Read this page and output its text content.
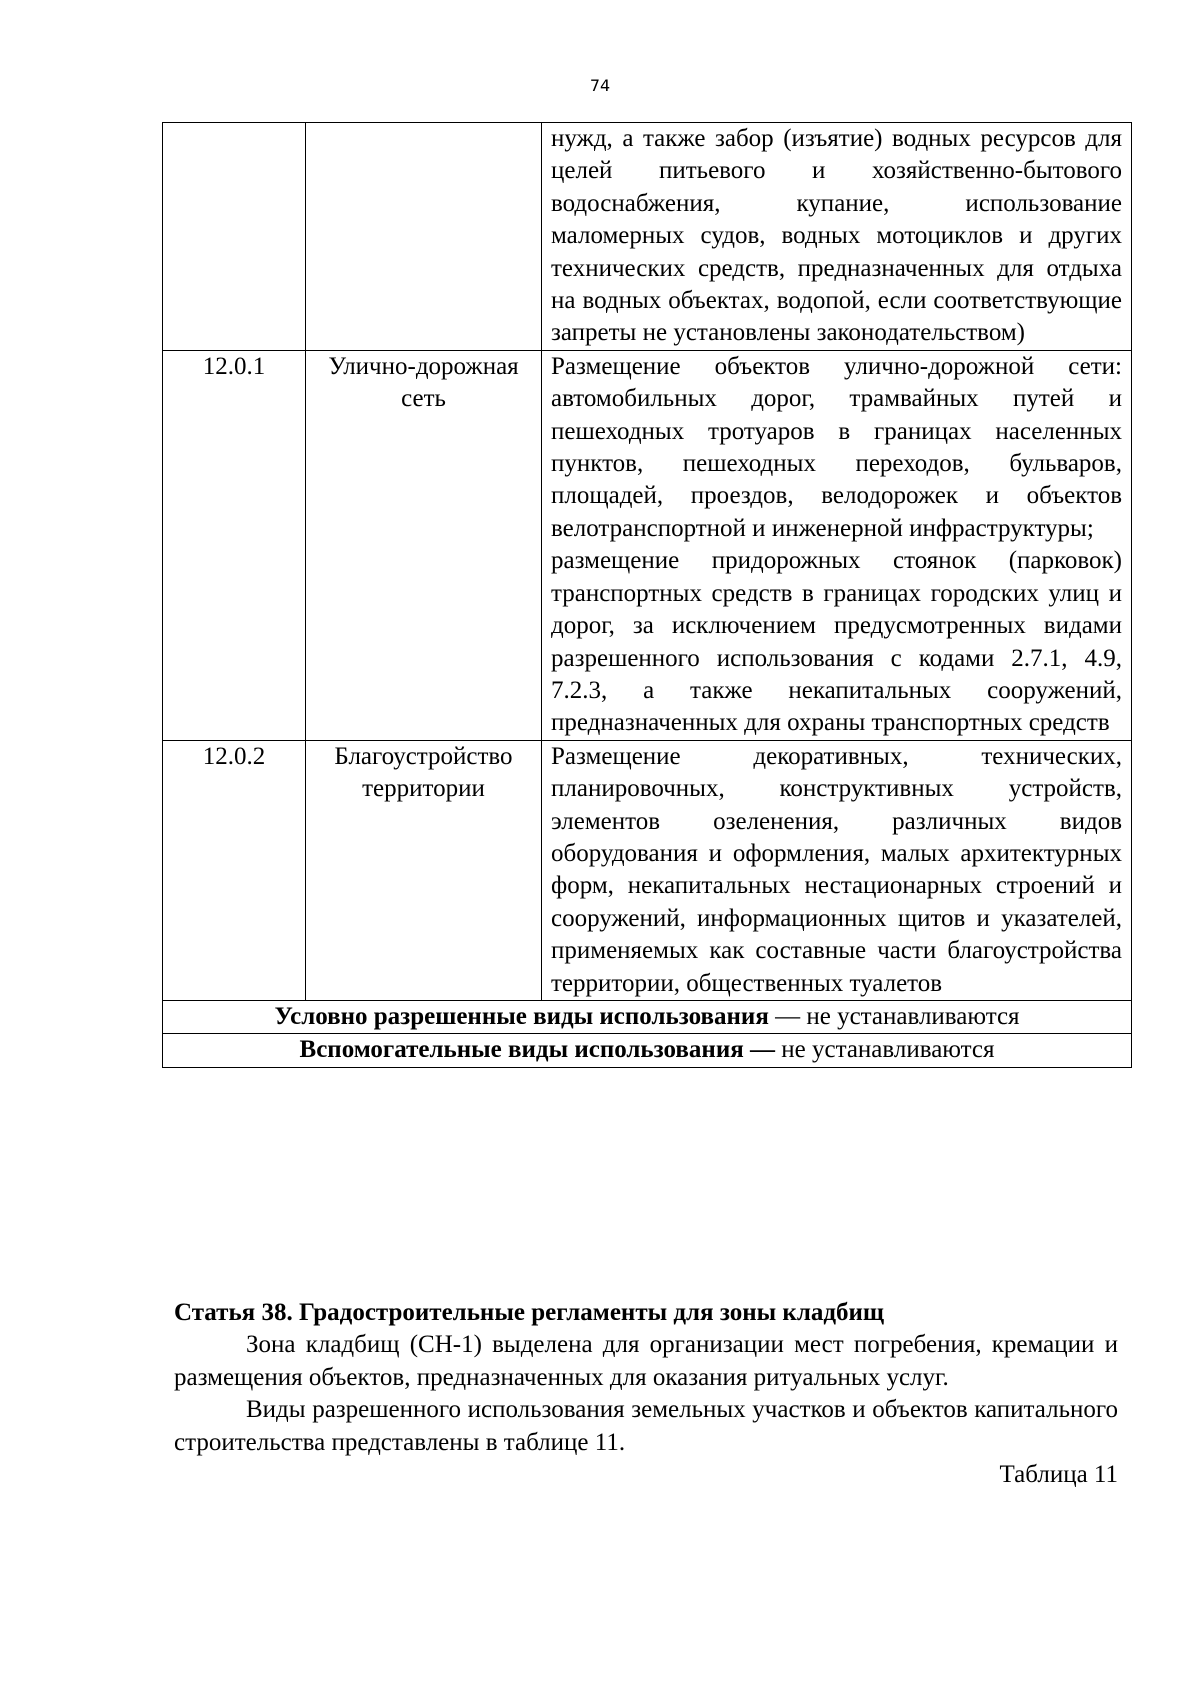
74

		нужд, а также забор (изъятие) водных ресурсов для целей питьевого и хозяйственно-бытового водоснабжения, купание, использование маломерных судов, водных мотоциклов и других технических средств, предназначенных для отдыха на водных объектах, водопой, если соответствующие запреты не установлены законодательством)

12.0.1	Улично-дорожная сеть	Размещение объектов улично-дорожной сети: автомобильных дорог, трамвайных путей и пешеходных тротуаров в границах населенных пунктов, пешеходных переходов, бульваров, площадей, проездов, велодорожек и объектов велотранспортной и инженерной инфраструктуры;

размещение придорожных стоянок (парковок) транспортных средств в границах городских улиц и дорог, за исключением предусмотренных видами разрешенного использования с кодами 2.7.1, 4.9, 7.2.3, а также некапитальных сооружений, предназначенных для охраны транспортных средств

12.0.2	Благоустройство территории	Размещение декоративных, технических, планировочных, конструктивных устройств, элементов озеленения, различных видов оборудования и оформления, малых архитектурных форм, некапитальных нестационарных строений и сооружений, информационных щитов и указателей, применяемых как составные части благоустройства территории, общественных туалетов

Условно разрешенные виды использования — не устанавливаются		
Вспомогательные виды использования — не устанавливаются		
Статья 38. Градостроительные регламенты для зоны кладбищ

Зона кладбищ (СН-1) выделена для организации мест погребения, кремации и размещения объектов, предназначенных для оказания ритуальных услуг.

Виды разрешенного использования земельных участков и объектов капитального строительства представлены в таблице 11.

Таблица 11
